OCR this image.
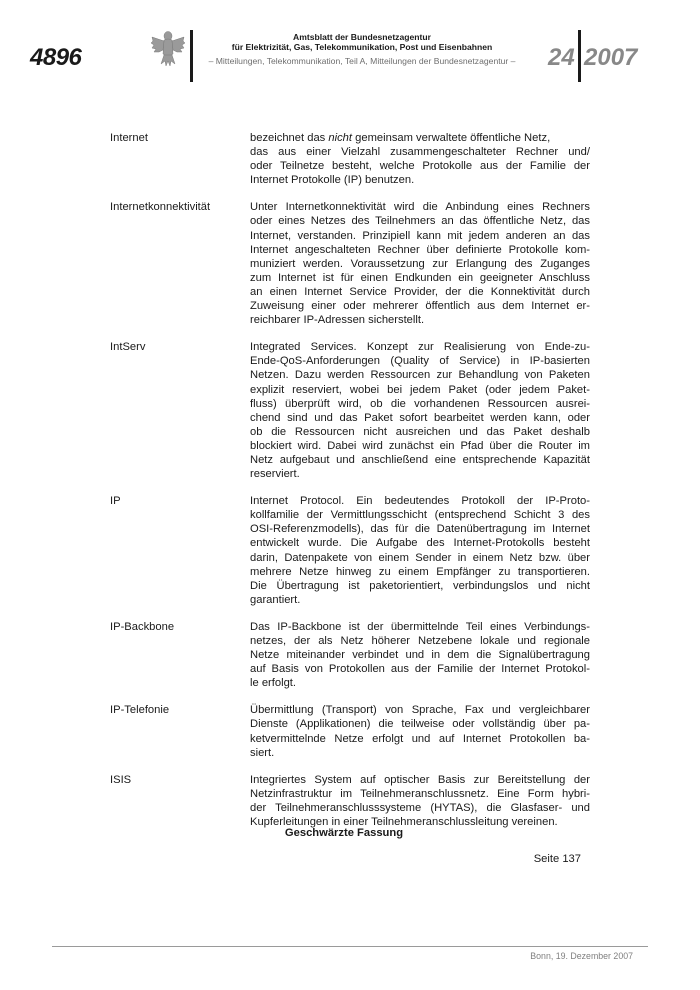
4896
Amtsblatt der Bundesnetzagentur
für Elektrizität, Gas, Telekommunikation, Post und Eisenbahnen
– Mitteilungen, Telekommunikation, Teil A, Mitteilungen der Bundesnetzagentur –	24 2007
Internet	bezeichnet das nicht gemeinsam verwaltete öffentliche Netz,
das aus einer Vielzahl zusammengeschalteter Rechner und/
oder Teilnetze besteht, welche Protokolle aus der Familie der
Internet Protokolle (IP) benutzen.
Internetkonnektivität	Unter Internetkonnektivität wird die Anbindung eines Rechners
oder eines Netzes des Teilnehmers an das öffentliche Netz, das
Internet, verstanden. Prinzipiell kann mit jedem anderen an das
Internet angeschalteten Rechner über definierte Protokolle kom-
muniziert werden. Voraussetzung zur Erlangung des Zuganges
zum Internet ist für einen Endkunden ein geeigneter Anschluss
an einen Internet Service Provider, der die Konnektivität durch
Zuweisung einer oder mehrerer öffentlich aus dem Internet er-
reichbarer IP-Adressen sicherstellt.
IntServ	Integrated Services. Konzept zur Realisierung von Ende-zu-
Ende-QoS-Anforderungen (Quality of Service) in IP-basierten
Netzen. Dazu werden Ressourcen zur Behandlung von Paketen
explizit reserviert, wobei bei jedem Paket (oder jedem Paket-
fluss) überprüft wird, ob die vorhandenen Ressourcen ausrei-
chend sind und das Paket sofort bearbeitet werden kann, oder
ob die Ressourcen nicht ausreichen und das Paket deshalb
blockiert wird. Dabei wird zunächst ein Pfad über die Router im
Netz aufgebaut und anschließend eine entsprechende Kapazität
reserviert.
IP	Internet Protocol. Ein bedeutendes Protokoll der IP-Proto-
kollfamilie der Vermittlungsschicht (entsprechend Schicht 3 des
OSI-Referenzmodells), das für die Datenübertragung im Internet
entwickelt wurde. Die Aufgabe des Internet-Protokolls besteht
darin, Datenpakete von einem Sender in einem Netz bzw. über
mehrere Netze hinweg zu einem Empfänger zu transportieren.
Die Übertragung ist paketorientiert, verbindungslos und nicht
garantiert.
IP-Backbone	Das IP-Backbone ist der übermittelnde Teil eines Verbindungs-
netzes, der als Netz höherer Netzebene lokale und regionale
Netze miteinander verbindet und in dem die Signalübertragung
auf Basis von Protokollen aus der Familie der Internet Protokol-
le erfolgt.
IP-Telefonie	Übermittlung (Transport) von Sprache, Fax und vergleichbarer
Dienste (Applikationen) die teilweise oder vollständig über pa-
ketvermittelnde Netze erfolgt und auf Internet Protokollen ba-
siert.
ISIS	Integriertes System auf optischer Basis zur Bereitstellung der
Netzinfrastruktur im Teilnehmeranschlussnetz. Eine Form hybri-
der Teilnehmeranschlusssysteme (HYTAS), die Glasfaser- und
Kupferleitungen in einer Teilnehmeranschlussleitung vereinen.
Geschwärzte Fassung
Seite 137
Bonn, 19. Dezember 2007
